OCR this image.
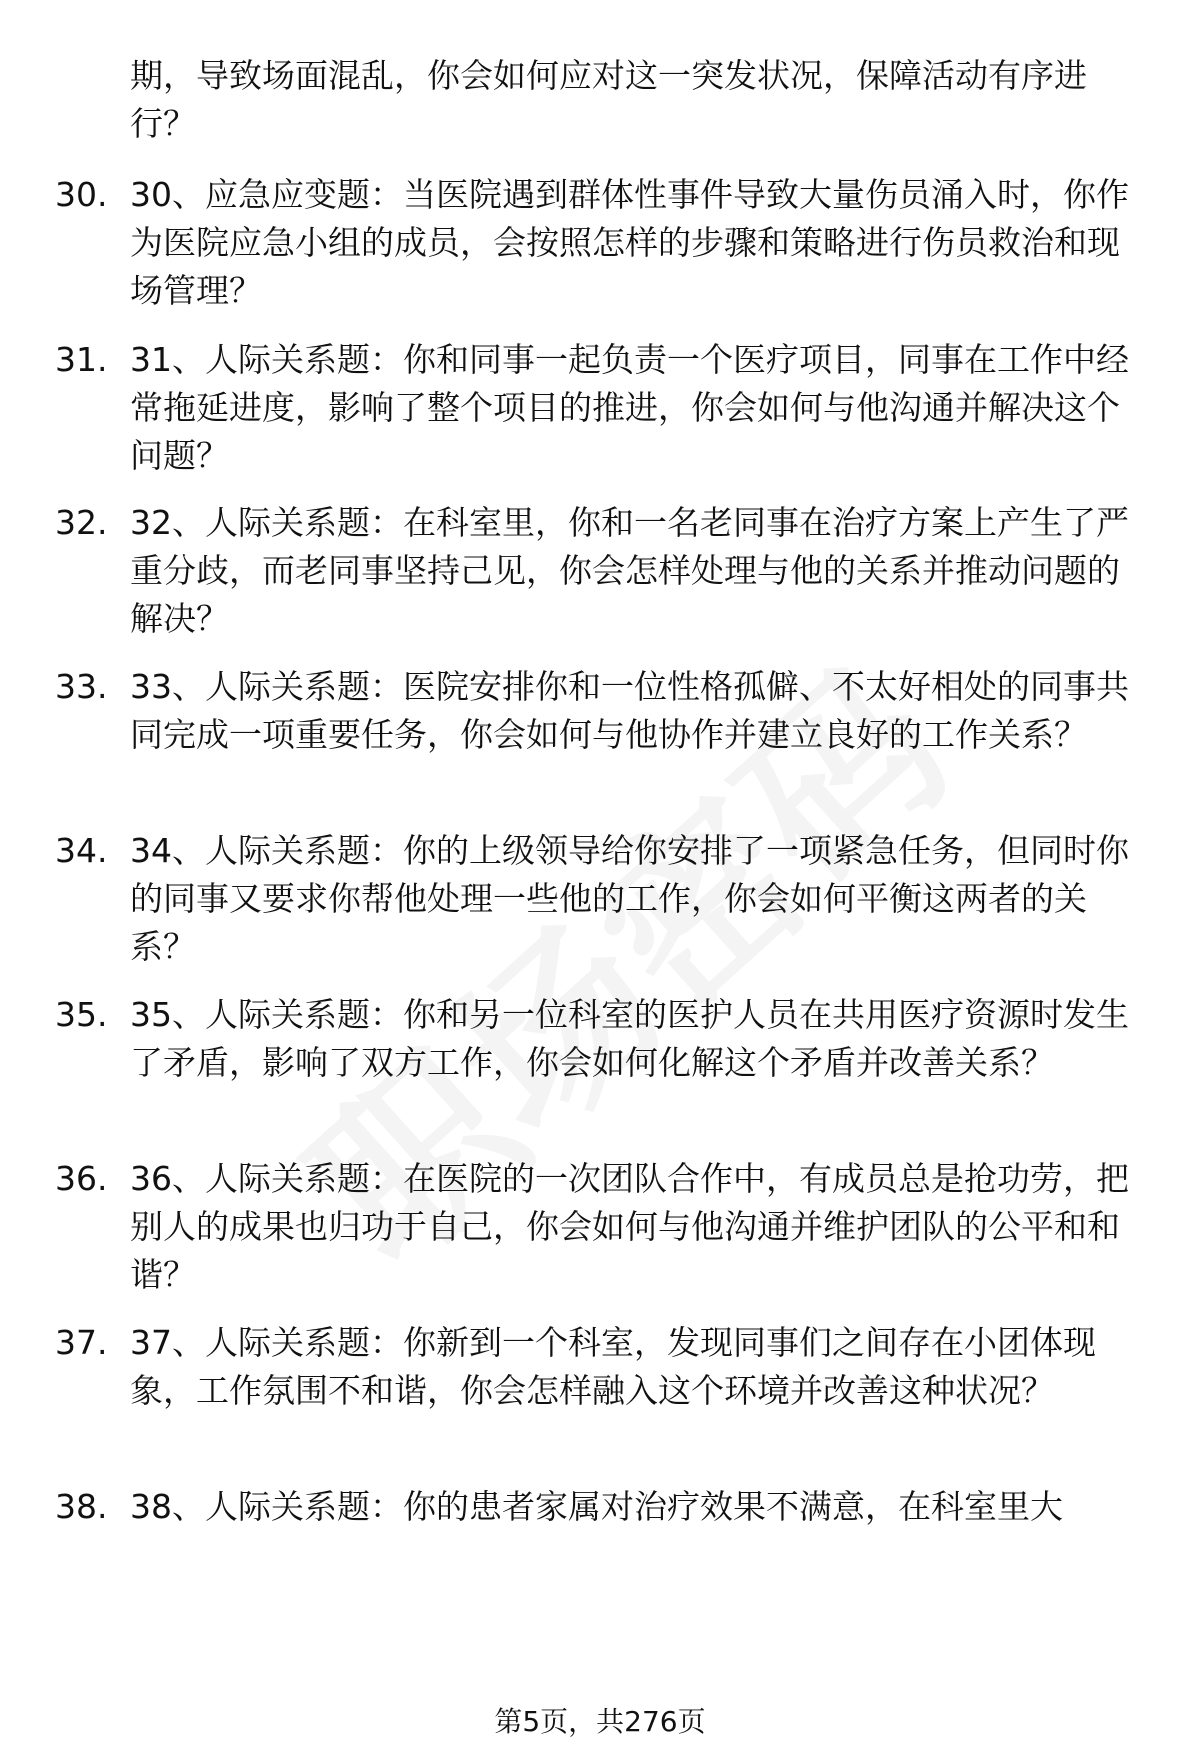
期，导致场面混乱，你会如何应对这一突发状况，保障活动有序进行？
30. 30、应急应变题：当医院遇到群体性事件导致大量伤员涌入时，你作为医院应急小组的成员，会按照怎样的步骤和策略进行伤员救治和现场管理？
31. 31、人际关系题：你和同事一起负责一个医疗项目，同事在工作中经常拖延进度，影响了整个项目的推进，你会如何与他沟通并解决这个问题？
32. 32、人际关系题：在科室里，你和一名老同事在治疗方案上产生了严重分歧，而老同事坚持己见，你会怎样处理与他的关系并推动问题的解决？
33. 33、人际关系题：医院安排你和一位性格孤僻、不太好相处的同事共同完成一项重要任务，你会如何与他协作并建立良好的工作关系？
34. 34、人际关系题：你的上级领导给你安排了一项紧急任务，但同时你的同事又要求你帮他处理一些他的工作，你会如何平衡这两者的关系？
35. 35、人际关系题：你和另一位科室的医护人员在共用医疗资源时发生了矛盾，影响了双方工作，你会如何化解这个矛盾并改善关系？
36. 36、人际关系题：在医院的一次团队合作中，有成员总是抢功劳，把别人的成果也归功于自己，你会如何与他沟通并维护团队的公平和和谐？
37. 37、人际关系题：你新到一个科室，发现同事们之间存在小团体现象，工作氛围不和谐，你会怎样融入这个环境并改善这种状况？
38. 38、人际关系题：你的患者家属对治疗效果不满意，在科室里大
第5页，共276页
